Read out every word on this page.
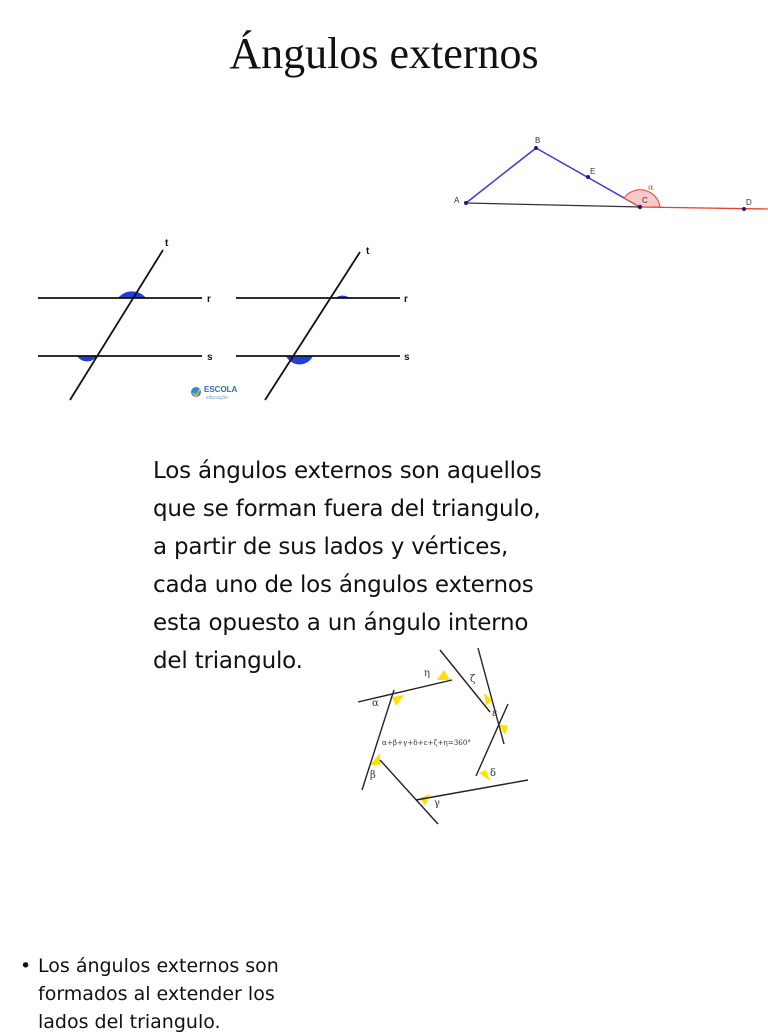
Ángulos externos
A
B
E
C	D
α
t
r
s
t
r
s
ESCOLA
educação
Los ángulos externos son aquellos
que se forman fuera del triangulo,
a partir de sus lados y vértices,
cada uno de los ángulos externos
esta opuesto a un ángulo interno
del triangulo.
α
η
ζ
ε
δ
γ
β
α+β+γ+δ+ε+ζ+η=360°
• Los ángulos externos son
formados al extender los
lados del triangulo.
